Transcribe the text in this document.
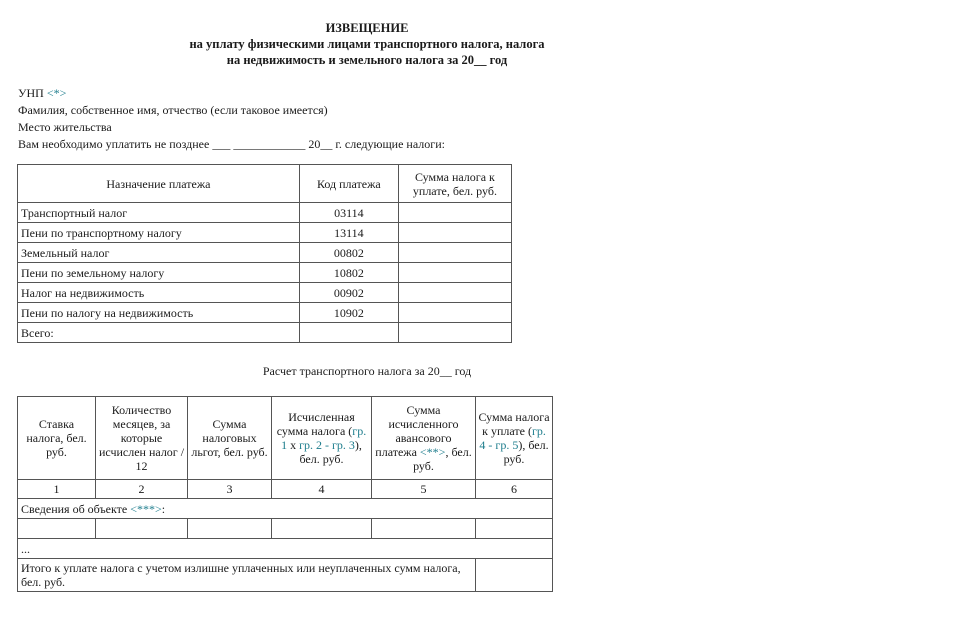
ИЗВЕЩЕНИЕ
на уплату физическими лицами транспортного налога, налога
на недвижимость и земельного налога за 20__ год
УНП <*>
Фамилия, собственное имя, отчество (если таковое имеется)
Место жительства
Вам необходимо уплатить не позднее ___ ____________ 20__ г. следующие налоги:
Назначение платежа	Код платежа	Сумма налога к уплате, бел. руб.
Транспортный налог	03114	
Пени по транспортному налогу	13114	
Земельный налог	00802	
Пени по земельному налогу	10802	
Налог на недвижимость	00902	
Пени по налогу на недвижимость	10902	
Всего:		
Расчет транспортного налога за 20__ год
Ставка налога, бел. руб.	Количество месяцев, за которые исчислен налог / 12	Сумма налоговых льгот, бел. руб.	Исчисленная сумма налога (гр. 1 x гр. 2 - гр. 3), бел. руб.	Сумма исчисленного авансового платежа <**>, бел. руб.	Сумма налога к уплате (гр. 4 - гр. 5), бел. руб.
1	2	3	4	5	6
Сведения об объекте <***>:					

...					
Итого к уплате налога с учетом излишне уплаченных или неуплаченных сумм налога, бел. руб.					
